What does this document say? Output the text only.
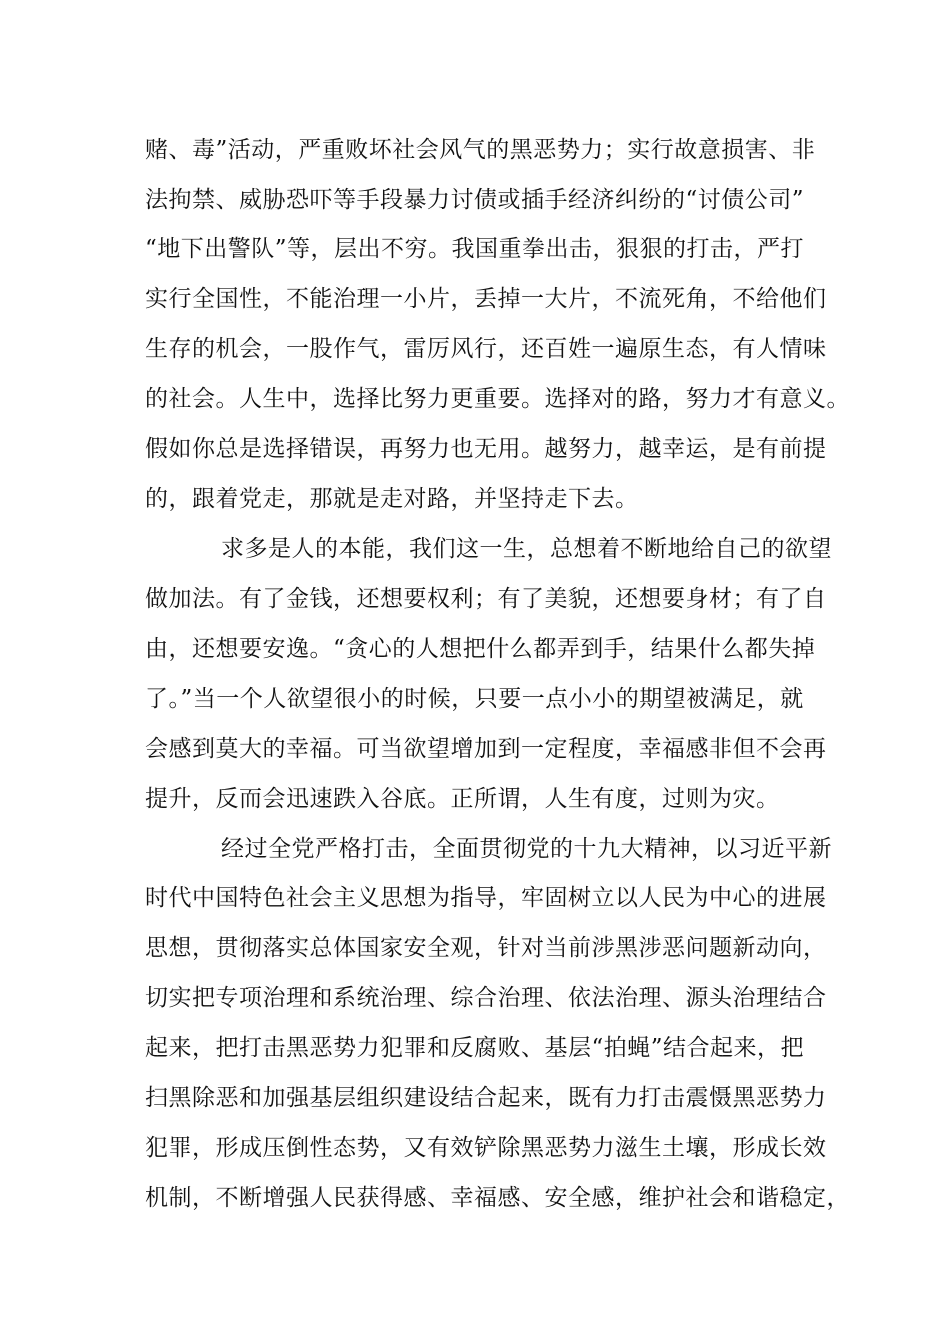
赌、毒”活动，严重败坏社会风气的黑恶势力；实行故意损害、非
法拘禁、威胁恐吓等手段暴力讨债或插手经济纠纷的“讨债公司”
“地下出警队”等，层出不穷。我国重拳出击，狠狠的打击，严打
实行全国性，不能治理一小片，丢掉一大片，不流死角，不给他们
生存的机会，一股作气，雷厉风行，还百姓一遍原生态，有人情味
的社会。人生中，选择比努力更重要。选择对的路，努力才有意义。
假如你总是选择错误，再努力也无用。越努力，越幸运，是有前提
的，跟着党走，那就是走对路，并坚持走下去。
求多是人的本能，我们这一生，总想着不断地给自己的欲望
做加法。有了金钱，还想要权利；有了美貌，还想要身材；有了自
由，还想要安逸。“贪心的人想把什么都弄到手，结果什么都失掉
了。”当一个人欲望很小的时候，只要一点小小的期望被满足，就
会感到莫大的幸福。可当欲望增加到一定程度，幸福感非但不会再
提升，反而会迅速跌入谷底。正所谓，人生有度，过则为灾。
经过全党严格打击，全面贯彻党的十九大精神，以习近平新
时代中国特色社会主义思想为指导，牢固树立以人民为中心的进展
思想，贯彻落实总体国家安全观，针对当前涉黑涉恶问题新动向，
切实把专项治理和系统治理、综合治理、依法治理、源头治理结合
起来，把打击黑恶势力犯罪和反腐败、基层“拍蝇”结合起来，把
扫黑除恶和加强基层组织建设结合起来，既有力打击震慑黑恶势力
犯罪，形成压倒性态势，又有效铲除黑恶势力滋生土壤，形成长效
机制，不断增强人民获得感、幸福感、安全感，维护社会和谐稳定，
